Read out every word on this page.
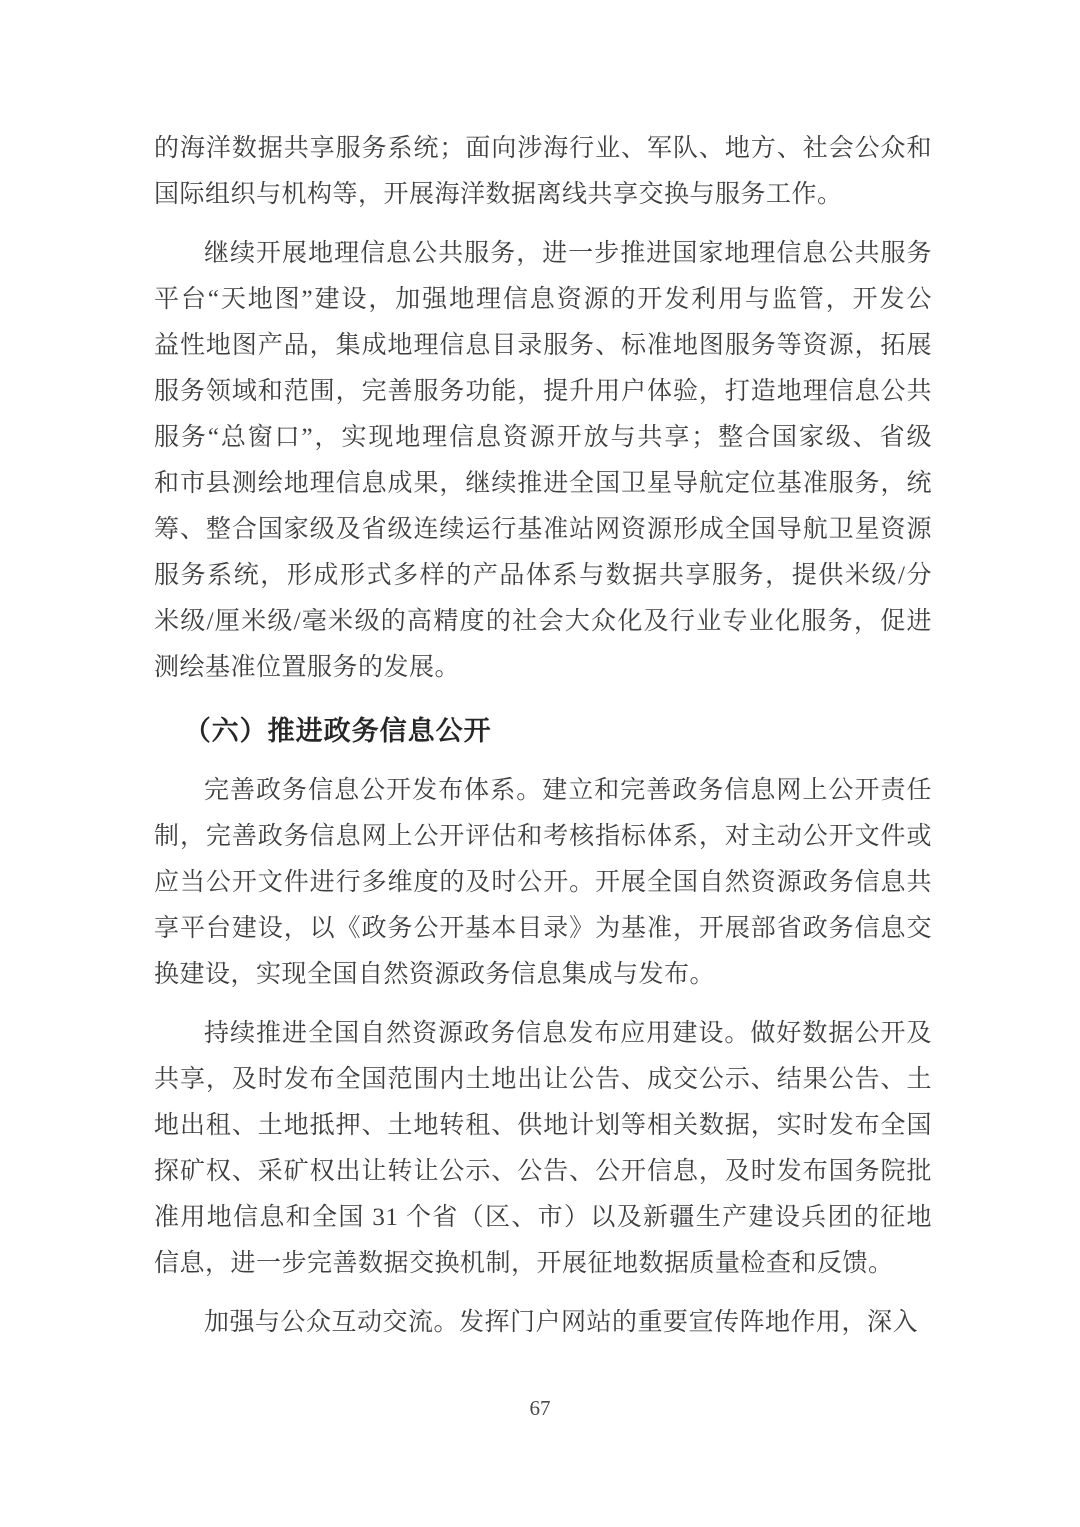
的海洋数据共享服务系统；面向涉海行业、军队、地方、社会公众和
国际组织与机构等，开展海洋数据离线共享交换与服务工作。
继续开展地理信息公共服务，进一步推进国家地理信息公共服务
平台“天地图”建设，加强地理信息资源的开发利用与监管，开发公
益性地图产品，集成地理信息目录服务、标准地图服务等资源，拓展
服务领域和范围，完善服务功能，提升用户体验，打造地理信息公共
服务“总窗口”，实现地理信息资源开放与共享；整合国家级、省级
和市县测绘地理信息成果，继续推进全国卫星导航定位基准服务，统
筹、整合国家级及省级连续运行基准站网资源形成全国导航卫星资源
服务系统，形成形式多样的产品体系与数据共享服务，提供米级/分
米级/厘米级/毫米级的高精度的社会大众化及行业专业化服务，促进
测绘基准位置服务的发展。
（六）推进政务信息公开
完善政务信息公开发布体系。建立和完善政务信息网上公开责任
制，完善政务信息网上公开评估和考核指标体系，对主动公开文件或
应当公开文件进行多维度的及时公开。开展全国自然资源政务信息共
享平台建设，以《政务公开基本目录》为基准，开展部省政务信息交
换建设，实现全国自然资源政务信息集成与发布。
持续推进全国自然资源政务信息发布应用建设。做好数据公开及
共享，及时发布全国范围内土地出让公告、成交公示、结果公告、土
地出租、土地抵押、土地转租、供地计划等相关数据，实时发布全国
探矿权、采矿权出让转让公示、公告、公开信息，及时发布国务院批
准用地信息和全国 31 个省（区、市）以及新疆生产建设兵团的征地
信息，进一步完善数据交换机制，开展征地数据质量检查和反馈。
加强与公众互动交流。发挥门户网站的重要宣传阵地作用，深入
67
